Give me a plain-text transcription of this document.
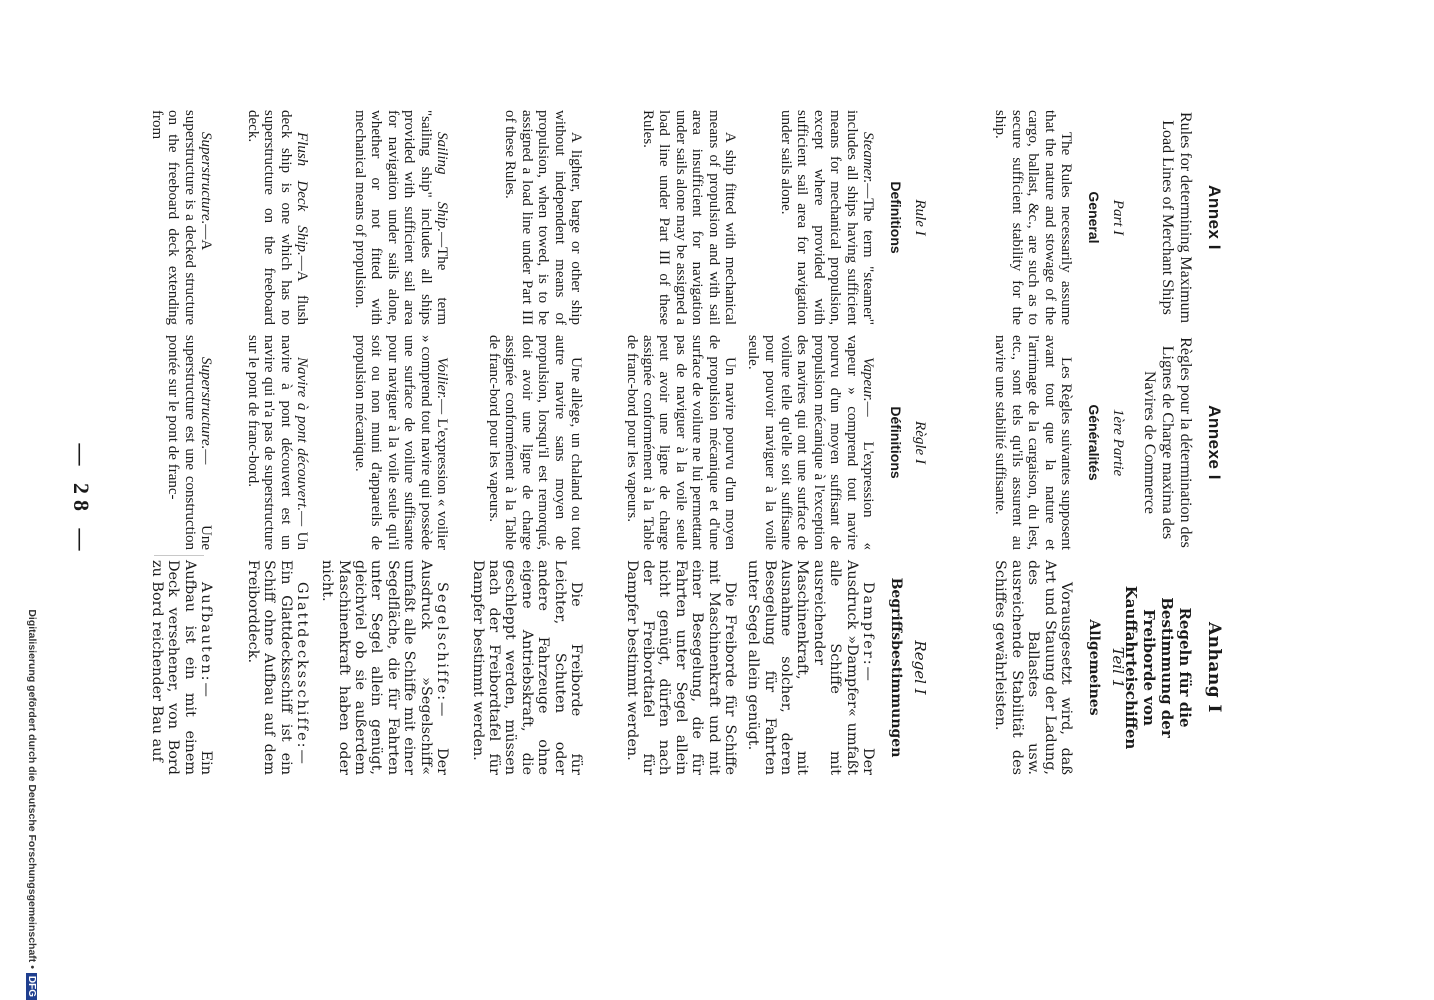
— 28 —
Annex I
Rules for determining Maximum Load Lines of Merchant Ships
Part I
General
The Rules necessarily assume that the nature and stowage of the cargo, ballast, &c., are such as to secure sufficient stability for the ship.
Rule I
Definitions
Steamer.—The term "steamer" includes all ships having sufficient means for mechanical propulsion, except where provided with sufficient sail area for navigation under sails alone.
A ship fitted with mechanical means of propulsion and with sail area insufficient for navigation under sails alone may be assigned a load line under Part III of these Rules.
A lighter, barge or other ship without independent means of propulsion, when towed, is to be assigned a load line under Part III of these Rules.
Sailing Ship.—The term "sailing ship" includes all ships provided with sufficient sail area for navigation under sails alone, whether or not fitted with mechanical means of propulsion.
Flush Deck Ship.—A flush deck ship is one which has no superstructure on the freeboard deck.
Superstructure.—A superstructure is a decked structure on the freeboard deck extending from
Annexe I
Règles pour la détermination des Lignes de Charge maxima des Navires de Commerce
1ère Partie
Généralités
Les Règles suivantes supposent avant tout que la nature et l'arrimage de la cargaison, du lest, etc., sont tels qu'ils assurent au navire une stabilité suffisante.
Règle I
Définitions
Vapeur.— L'expression « vapeur » comprend tout navire pourvu d'un moyen suffisant de propulsion mécanique à l'exception des navires qui ont une surface de voilure telle qu'elle soit suffisante pour pouvoir naviguer à la voile seule.
Un navire pourvu d'un moyen de propulsion mécanique et d'une surface de voilure ne lui permettant pas de naviguer à la voile seule peut avoir une ligne de charge assignée conformément à la Table de franc-bord pour les vapeurs.
Une allège, un chaland ou tout autre navire sans moyen de propulsion, lorsqu'il est remorqué, doit avoir une ligne de charge assignée conformément à la Table de franc-bord pour les vapeurs.
Voilier.— L'expression « voilier » comprend tout navire qui possède une surface de voilure suffisante pour naviguer à la voile seule qu'il soit ou non muni d'appareils de propulsion mécanique.
Navire à pont découvert.— Un navire à pont découvert est un navire qui n'a pas de superstructure sur le pont de franc-bord.
Superstructure.— Une superstructure est une construction pontée sur le pont de franc-
Anhang I
Regeln für die Bestimmung der Freiborde von Kauffahrteischiffen
Teil 1
Allgemeines
Vorausgesetzt wird, daß Art und Stauung der Ladung, des Ballastes usw. ausreichende Stabilität des Schiffes gewährleisten.
Regel I
Begriffsbestimmungen
Dampfer:— Der Ausdruck »Dampfer« umfaßt alle Schiffe mit ausreichender Maschinenkraft, mit Ausnahme solcher, deren Besegelung für Fahrten unter Segel allein genügt.
Die Freiborde für Schiffe mit Maschinenkraft und mit einer Besegelung, die für Fahrten unter Segel allein nicht genügt, dürfen nach der Freibordtafel für Dampfer bestimmt werden.
Die Freiborde für Leichter, Schuten oder andere Fahrzeuge ohne eigene Antriebskraft, die geschleppt werden, müssen nach der Freibordtafel für Dampfer bestimmt werden.
Segelschiffe:— Der Ausdruck »Segelschiff« umfaßt alle Schiffe mit einer Segelfläche, die für Fahrten unter Segel allein genügt, gleichviel ob sie außerdem Maschinenkraft haben oder nicht.
Glattdecksschiffe:— Ein Glattdecksschiff ist ein Schiff ohne Aufbau auf dem Freiborddeck.
Aufbauten:— Ein Aufbau ist ein mit einem Deck versehener, von Bord zu Bord reichender Bau auf
Digitalisierung gefördert durch die Deutsche Forschungsgemeinschaft •DFG
